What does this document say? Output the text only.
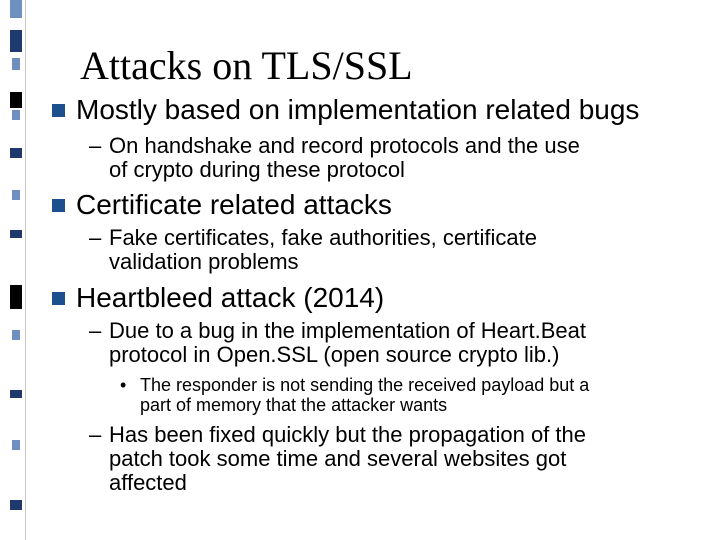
Attacks on TLS/SSL
Mostly based on implementation related bugs
– On handshake and record protocols and the use
of crypto during these protocol
Certificate related attacks
– Fake certificates, fake authorities, certificate
validation problems
Heartbleed attack (2014)
– Due to a bug in the implementation of Heart.Beat
protocol in Open.SSL (open source crypto lib.)
• The responder is not sending the received payload but a
part of memory that the attacker wants
– Has been fixed quickly but the propagation of the
patch took some time and several websites got
affected
